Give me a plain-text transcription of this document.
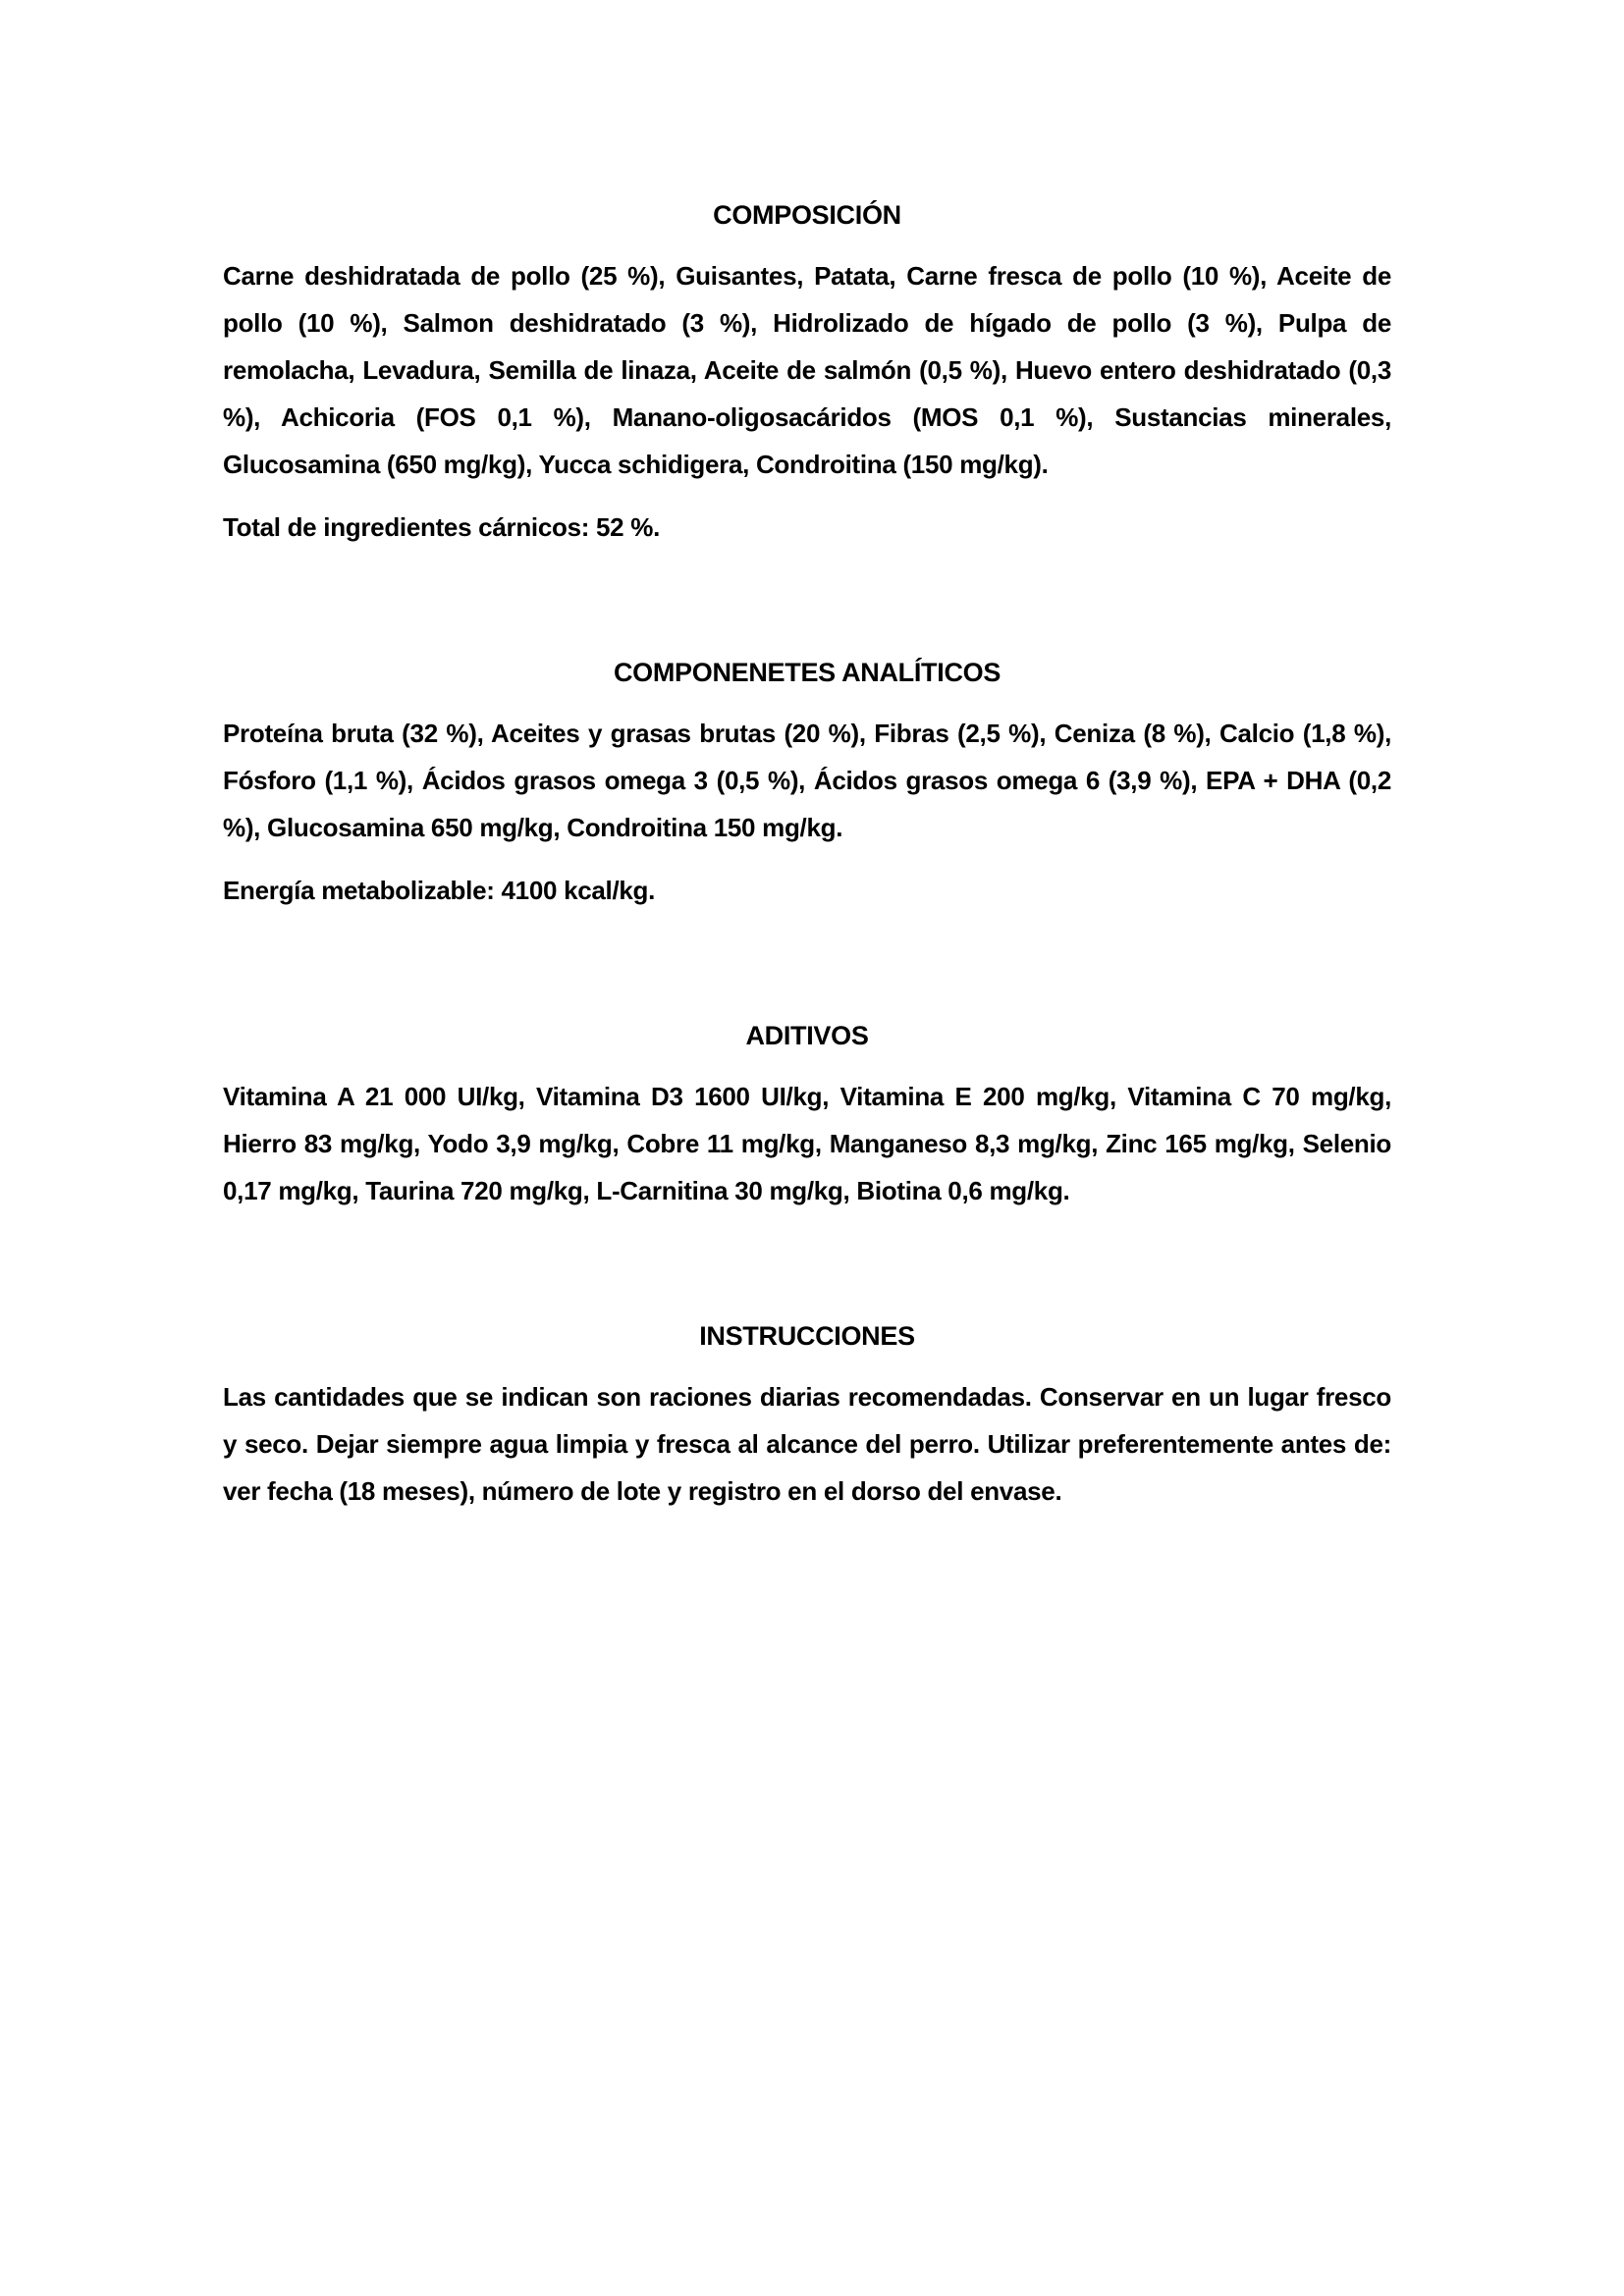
COMPOSICIÓN

Carne deshidratada de pollo (25 %), Guisantes, Patata, Carne fresca de pollo (10 %), Aceite de pollo (10 %), Salmon deshidratado (3 %), Hidrolizado de hígado de pollo (3 %), Pulpa de remolacha, Levadura, Semilla de linaza, Aceite de salmón (0,5 %), Huevo entero deshidratado (0,3 %), Achicoria (FOS 0,1 %), Manano-oligosacáridos (MOS 0,1 %), Sustancias minerales, Glucosamina (650 mg/kg), Yucca schidigera, Condroitina (150 mg/kg).

Total de ingredientes cárnicos: 52 %.

COMPONENETES ANALÍTICOS

Proteína bruta (32 %), Aceites y grasas brutas (20 %), Fibras (2,5 %), Ceniza (8 %), Calcio (1,8 %), Fósforo (1,1 %), Ácidos grasos omega 3 (0,5 %), Ácidos grasos omega 6 (3,9 %), EPA + DHA (0,2 %), Glucosamina 650 mg/kg, Condroitina 150 mg/kg.

Energía metabolizable: 4100 kcal/kg.

ADITIVOS

Vitamina A 21 000 UI/kg, Vitamina D3 1600 UI/kg, Vitamina E 200 mg/kg, Vitamina C 70 mg/kg, Hierro 83 mg/kg, Yodo 3,9 mg/kg, Cobre 11 mg/kg, Manganeso 8,3 mg/kg, Zinc 165 mg/kg, Selenio 0,17 mg/kg, Taurina 720 mg/kg, L-Carnitina 30 mg/kg, Biotina 0,6 mg/kg.

INSTRUCCIONES

Las cantidades que se indican son raciones diarias recomendadas. Conservar en un lugar fresco y seco. Dejar siempre agua limpia y fresca al alcance del perro. Utilizar preferentemente antes de: ver fecha (18 meses), número de lote y registro en el dorso del envase.
